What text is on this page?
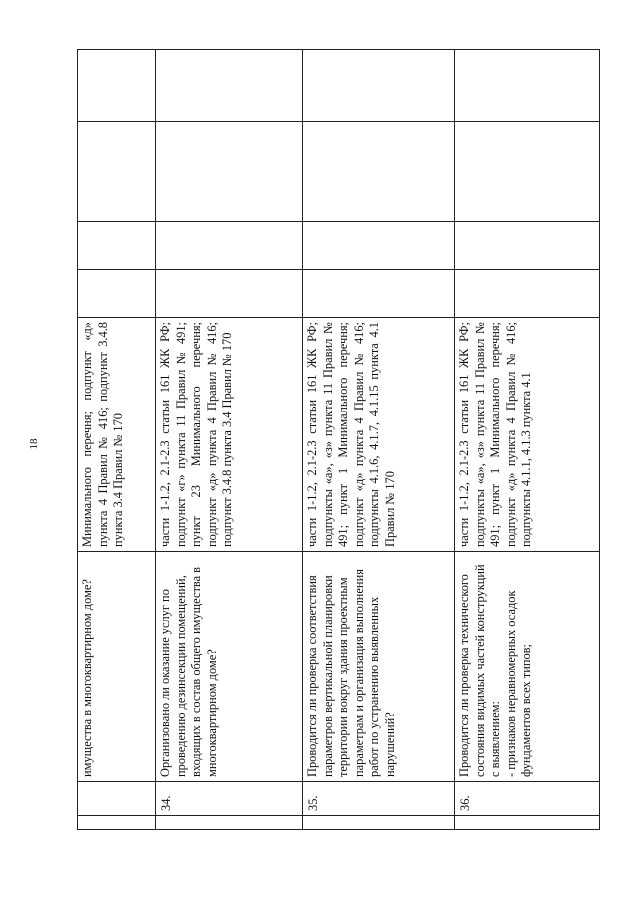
18
		имущества в многоквартирном доме?	Минимального перечня; подпункт «д» пункта 4 Правил № 416; подпункт 3.4.8 пункта 3.4 Правил № 170				
	34.	Организовано ли оказание услуг по проведению дезинсекции помещений, входящих в состав общего имущества в многоквартирном доме?	части 1-1.2, 2.1-2.3 статьи 161 ЖК РФ; подпункт «г» пункта 11 Правил № 491; пункт 23 Минимального перечня; подпункт «д» пункта 4 Правил № 416; подпункт 3.4.8 пункта 3.4 Правил № 170				
	35.	Проводится ли проверка соответствия параметров вертикальной планировки территории вокруг здания проектным параметрам и организация выполнения работ по устранению выявленных нарушений?	части 1-1.2, 2.1-2.3 статьи 161 ЖК РФ; подпункты «а», «з» пункта 11 Правил № 491; пункт 1 Минимального перечня; подпункт «д» пункта 4 Правил № 416; подпункты 4.1.6, 4.1.7, 4.1.15 пункта 4.1 Правил № 170				
	36.	Проводится ли проверка технического состояния видимых частей конструкций с выявлением:
- признаков неравномерных осадок фундаментов всех типов;	части 1-1.2, 2.1-2.3 статьи 161 ЖК РФ; подпункты «а», «з» пункта 11 Правил № 491; пункт 1 Минимального перечня; подпункт «д» пункта 4 Правил № 416; подпункты 4.1.1, 4.1.3 пункта 4.1				
